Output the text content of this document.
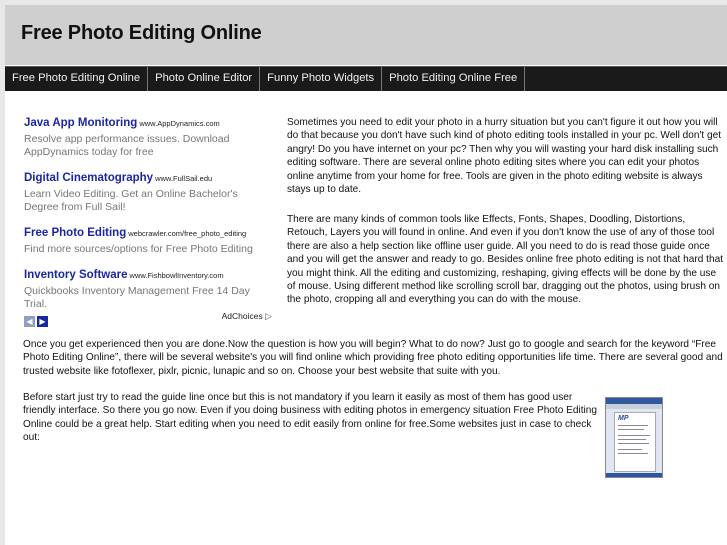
Free Photo Editing Online
Free Photo Editing Online	Photo Online Editor	Funny Photo Widgets	Photo Editing Online Free
Java App Monitoring www.AppDynamics.com
Resolve app performance issues. Download AppDynamics today for free
Digital Cinematography www.FullSail.edu
Learn Video Editing. Get an Online Bachelor's Degree from Full Sail!
Free Photo Editing webcrawler.com/free_photo_editing
Find more sources/options for Free Photo Editing
Inventory Software www.FishbowlInventory.com
Quickbooks Inventory Management Free 14 Day Trial.
◀ ▶
AdChoices ▷

Sometimes you need to edit your photo in a hurry situation but you can't figure it out how you will do that because you don't have such kind of photo editing tools installed in your pc. Well don't get angry! Do you have internet on your pc? Then why you will wasting your hard disk installing such editing software. There are several online photo editing sites where you can edit your photos online anytime from your home for free. Tools are given in the photo editing website is always stays up to date.

There are many kinds of common tools like Effects, Fonts, Shapes, Doodling, Distortions, Retouch, Layers you will found in online. And even if you don't know the use of any of those tool there are also a help section like offline user guide. All you need to do is read those guide once and you will get the answer and ready to go. Besides online free photo editing is not that hard that you might think. All the editing and customizing, reshaping, giving effects will be done by the use of mouse. Using different method like scrolling scroll bar, dragging out the photos, using brush on the photo, cropping all and everything you can do with the mouse.

Once you get experienced then you are done.Now the question is how you will begin? What to do now? Just go to google and search for the keyword “Free Photo Editing Online”, there will be several website's you will find online which providing free photo editing opportunities life time. There are several good and trusted website like fotoflexer, pixlr, picnic, lunapic and so on. Choose your best website that suite with you.

Before start just try to read the guide line once but this is not mandatory if you learn it easily as most of them has good user friendly interface. So there you go now. Even if you doing business with editing photos in emergency situation Free Photo Editing Online could be a great help. Start editing when you need to edit easily from online for free.Some websites just in case to check out:

MP
